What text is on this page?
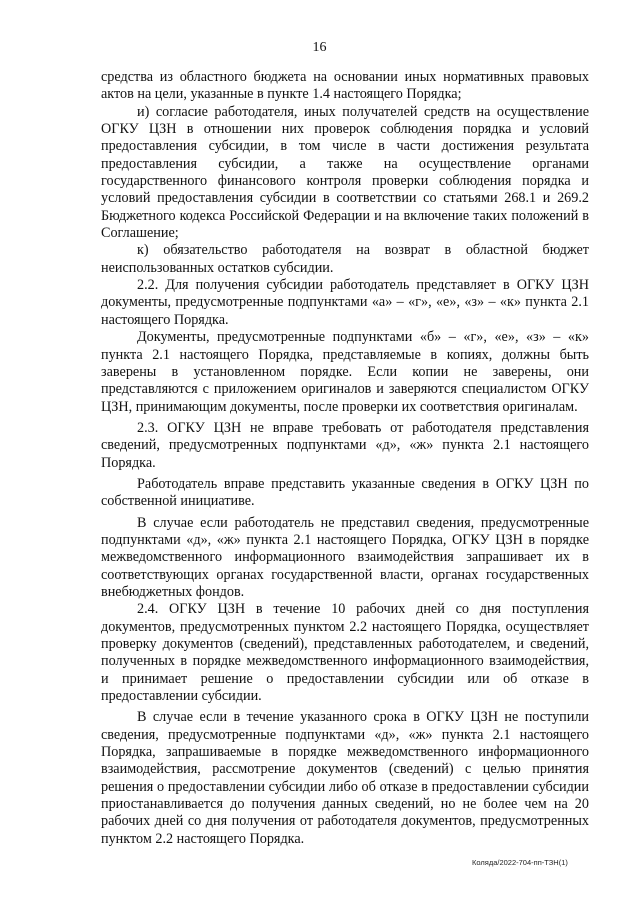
16

средства из областного бюджета на основании иных нормативных правовых актов на цели, указанные в пункте 1.4 настоящего Порядка;

и) согласие работодателя, иных получателей средств на осуществление ОГКУ ЦЗН в отношении них проверок соблюдения порядка и условий предоставления субсидии, в том числе в части достижения результата предоставления субсидии, а также на осуществление органами государственного финансового контроля проверки соблюдения порядка и условий предоставления субсидии в соответствии со статьями 268.1 и 269.2 Бюджетного кодекса Российской Федерации и на включение таких положений в Соглашение;

к) обязательство работодателя на возврат в областной бюджет неиспользованных остатков субсидии.

2.2. Для получения субсидии работодатель представляет в ОГКУ ЦЗН документы, предусмотренные подпунктами «а» – «г», «е», «з» – «к» пункта 2.1 настоящего Порядка.

Документы, предусмотренные подпунктами «б» – «г», «е», «з» – «к» пункта 2.1 настоящего Порядка, представляемые в копиях, должны быть заверены в установленном порядке. Если копии не заверены, они представляются с приложением оригиналов и заверяются специалистом ОГКУ ЦЗН, принимающим документы, после проверки их соответствия оригиналам.

2.3. ОГКУ ЦЗН не вправе требовать от работодателя представления сведений, предусмотренных подпунктами «д», «ж» пункта 2.1 настоящего Порядка.

Работодатель вправе представить указанные сведения в ОГКУ ЦЗН по собственной инициативе.

В случае если работодатель не представил сведения, предусмотренные подпунктами «д», «ж» пункта 2.1 настоящего Порядка, ОГКУ ЦЗН в порядке межведомственного информационного взаимодействия запрашивает их в соответствующих органах государственной власти, органах государственных внебюджетных фондов.

2.4. ОГКУ ЦЗН в течение 10 рабочих дней со дня поступления документов, предусмотренных пунктом 2.2 настоящего Порядка, осуществляет проверку документов (сведений), представленных работодателем, и сведений, полученных в порядке межведомственного информационного взаимодействия, и принимает решение о предоставлении субсидии или об отказе в предоставлении субсидии.

В случае если в течение указанного срока в ОГКУ ЦЗН не поступили сведения, предусмотренные подпунктами «д», «ж» пункта 2.1 настоящего Порядка, запрашиваемые в порядке межведомственного информационного взаимодействия, рассмотрение документов (сведений) с целью принятия решения о предоставлении субсидии либо об отказе в предоставлении субсидии приостанавливается до получения данных сведений, но не более чем на 20 рабочих дней со дня получения от работодателя документов, предусмотренных пунктом 2.2 настоящего Порядка.

Коляда/2022-704-пп-ТЗН(1)
